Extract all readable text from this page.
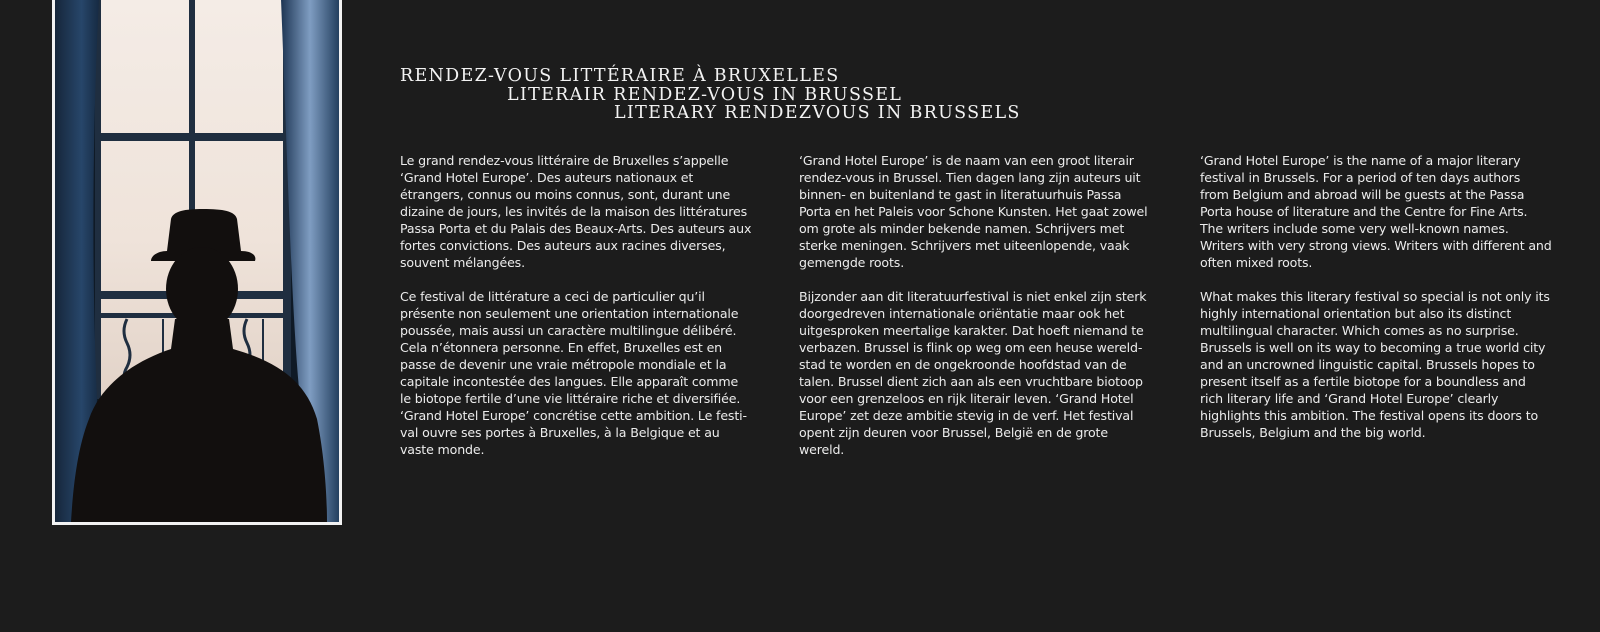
RENDEZ-VOUS LITTÉRAIRE À BRUXELLES
LITERAIR RENDEZ-VOUS IN BRUSSEL
LITERARY RENDEZVOUS IN BRUSSELS

Le grand rendez-vous littéraire de Bruxelles s’appelle ‘Grand Hotel Europe’. Des auteurs nationaux et étrangers, connus ou moins connus, sont, durant une dizaine de jours, les invités de la maison des littératures Passa Porta et du Palais des Beaux-Arts. Des auteurs aux fortes convictions. Des auteurs aux racines diverses, souvent mélangées.

Ce festival de littérature a ceci de particulier qu’il présente non seulement une orientation internationale poussée, mais aussi un caractère multilingue délibéré. Cela n’étonnera personne. En effet, Bruxelles est en passe de devenir une vraie métropole mondiale et la capitale incontestée des langues. Elle apparaît comme le biotope fertile d’une vie littéraire riche et diversifiée. ‘Grand Hotel Europe’ concrétise cette ambition. Le festi-val ouvre ses portes à Bruxelles, à la Belgique et au vaste monde.

‘Grand Hotel Europe’ is de naam van een groot literair rendez-vous in Brussel. Tien dagen lang zijn auteurs uit binnen- en buitenland te gast in literatuurhuis Passa Porta en het Paleis voor Schone Kunsten. Het gaat zowel om grote als minder bekende namen. Schrijvers met sterke meningen. Schrijvers met uiteenlopende, vaak gemengde roots.

Bijzonder aan dit literatuurfestival is niet enkel zijn sterk doorgedreven internationale oriëntatie maar ook het uitgesproken meertalige karakter. Dat hoeft niemand te verbazen. Brussel is flink op weg om een heuse wereld-stad te worden en de ongekroonde hoofdstad van de talen. Brussel dient zich aan als een vruchtbare biotoop voor een grenzeloos en rijk literair leven. ‘Grand Hotel Europe’ zet deze ambitie stevig in de verf. Het festival opent zijn deuren voor Brussel, België en de grote wereld.

‘Grand Hotel Europe’ is the name of a major literary festival in Brussels. For a period of ten days authors from Belgium and abroad will be guests at the Passa Porta house of literature and the Centre for Fine Arts. The writers include some very well-known names. Writers with very strong views. Writers with different and often mixed roots.

What makes this literary festival so special is not only its highly international orientation but also its distinct multilingual character. Which comes as no surprise. Brussels is well on its way to becoming a true world city and an uncrowned linguistic capital. Brussels hopes to present itself as a fertile biotope for a boundless and rich literary life and ‘Grand Hotel Europe’ clearly highlights this ambition. The festival opens its doors to Brussels, Belgium and the big world.
